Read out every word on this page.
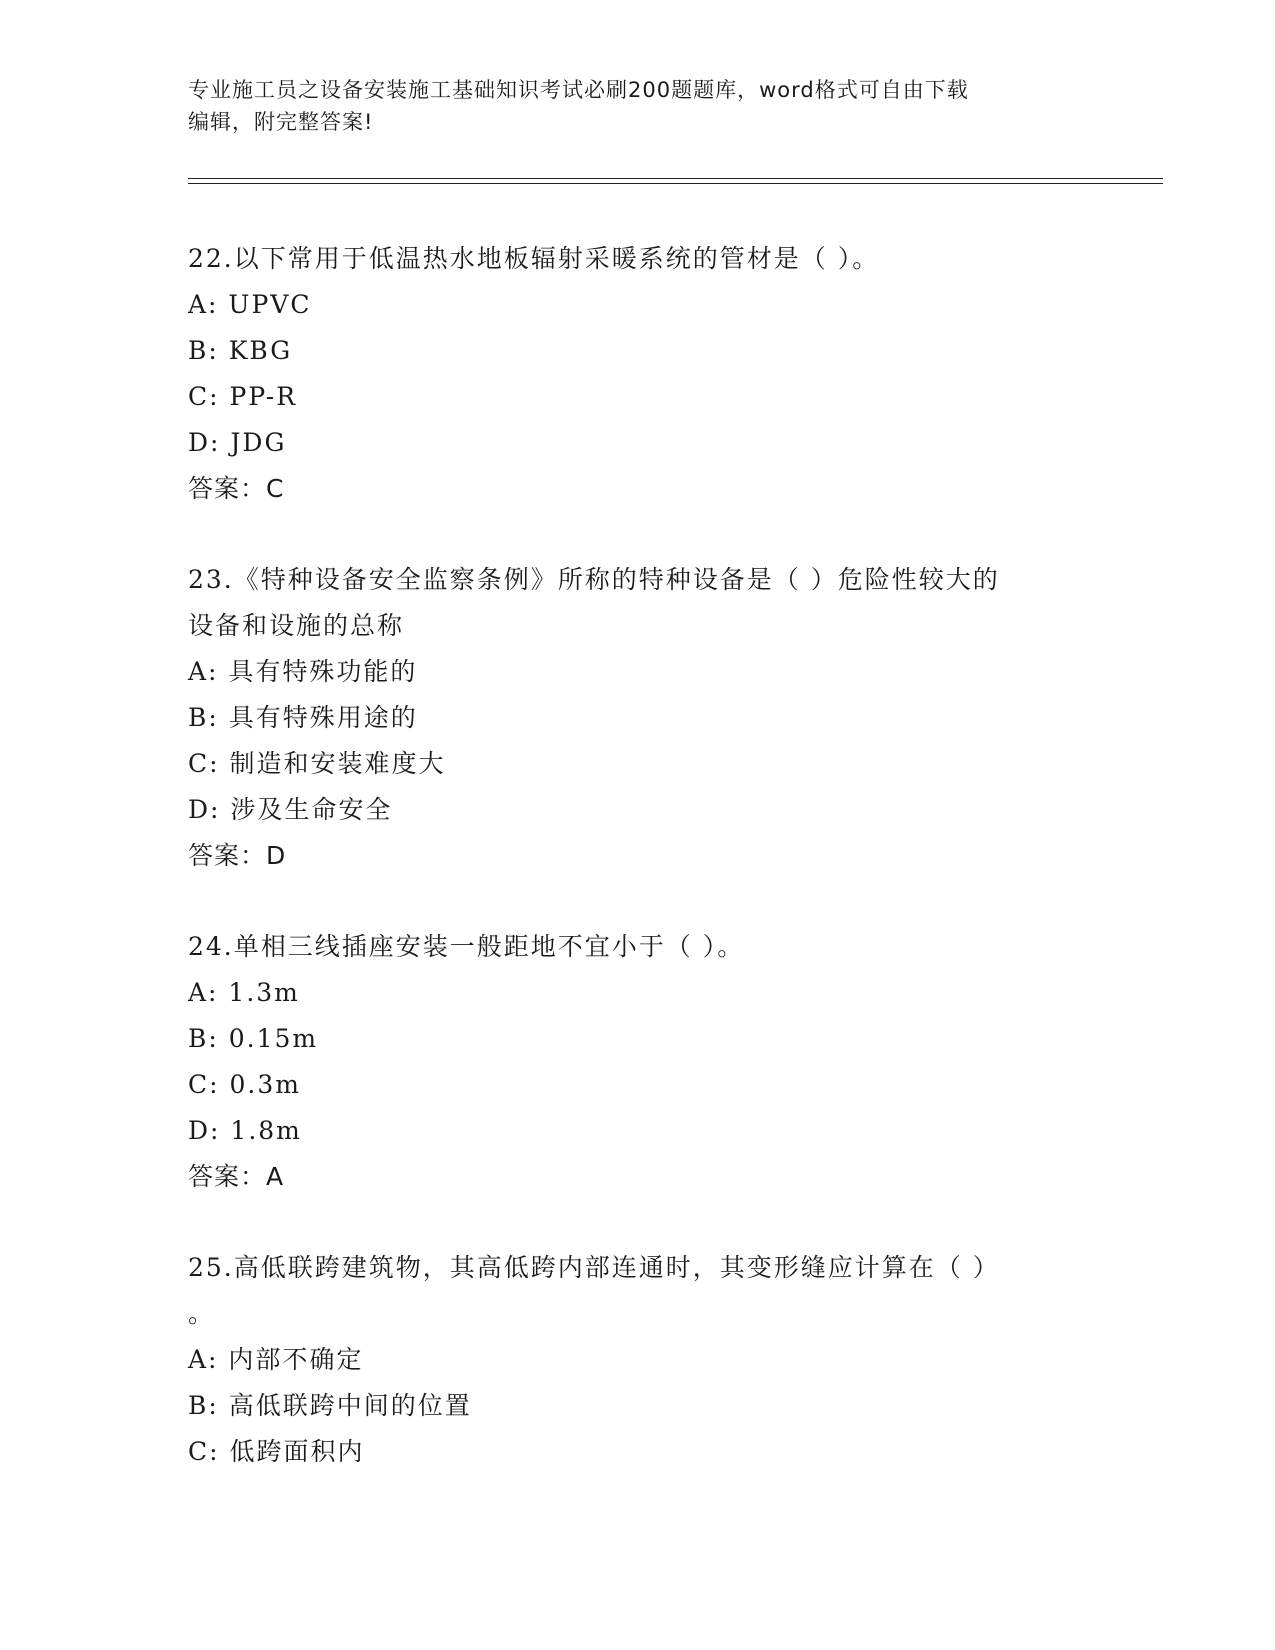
专业施工员之设备安装施工基础知识考试必刷200题题库，word格式可自由下载
编辑，附完整答案!
22.以下常用于低温热水地板辐射采暖系统的管材是（ ）。
A: UPVC
B: KBG
C: PP-R
D: JDG
答案：C
23.《特种设备安全监察条例》所称的特种设备是（ ）危险性较大的
设备和设施的总称
A: 具有特殊功能的
B: 具有特殊用途的
C: 制造和安装难度大
D: 涉及生命安全
答案：D
24.单相三线插座安装一般距地不宜小于（ ）。
A: 1.3m
B: 0.15m
C: 0.3m
D: 1.8m
答案：A
25.高低联跨建筑物，其高低跨内部连通时，其变形缝应计算在（ ）
。
A: 内部不确定
B: 高低联跨中间的位置
C: 低跨面积内
